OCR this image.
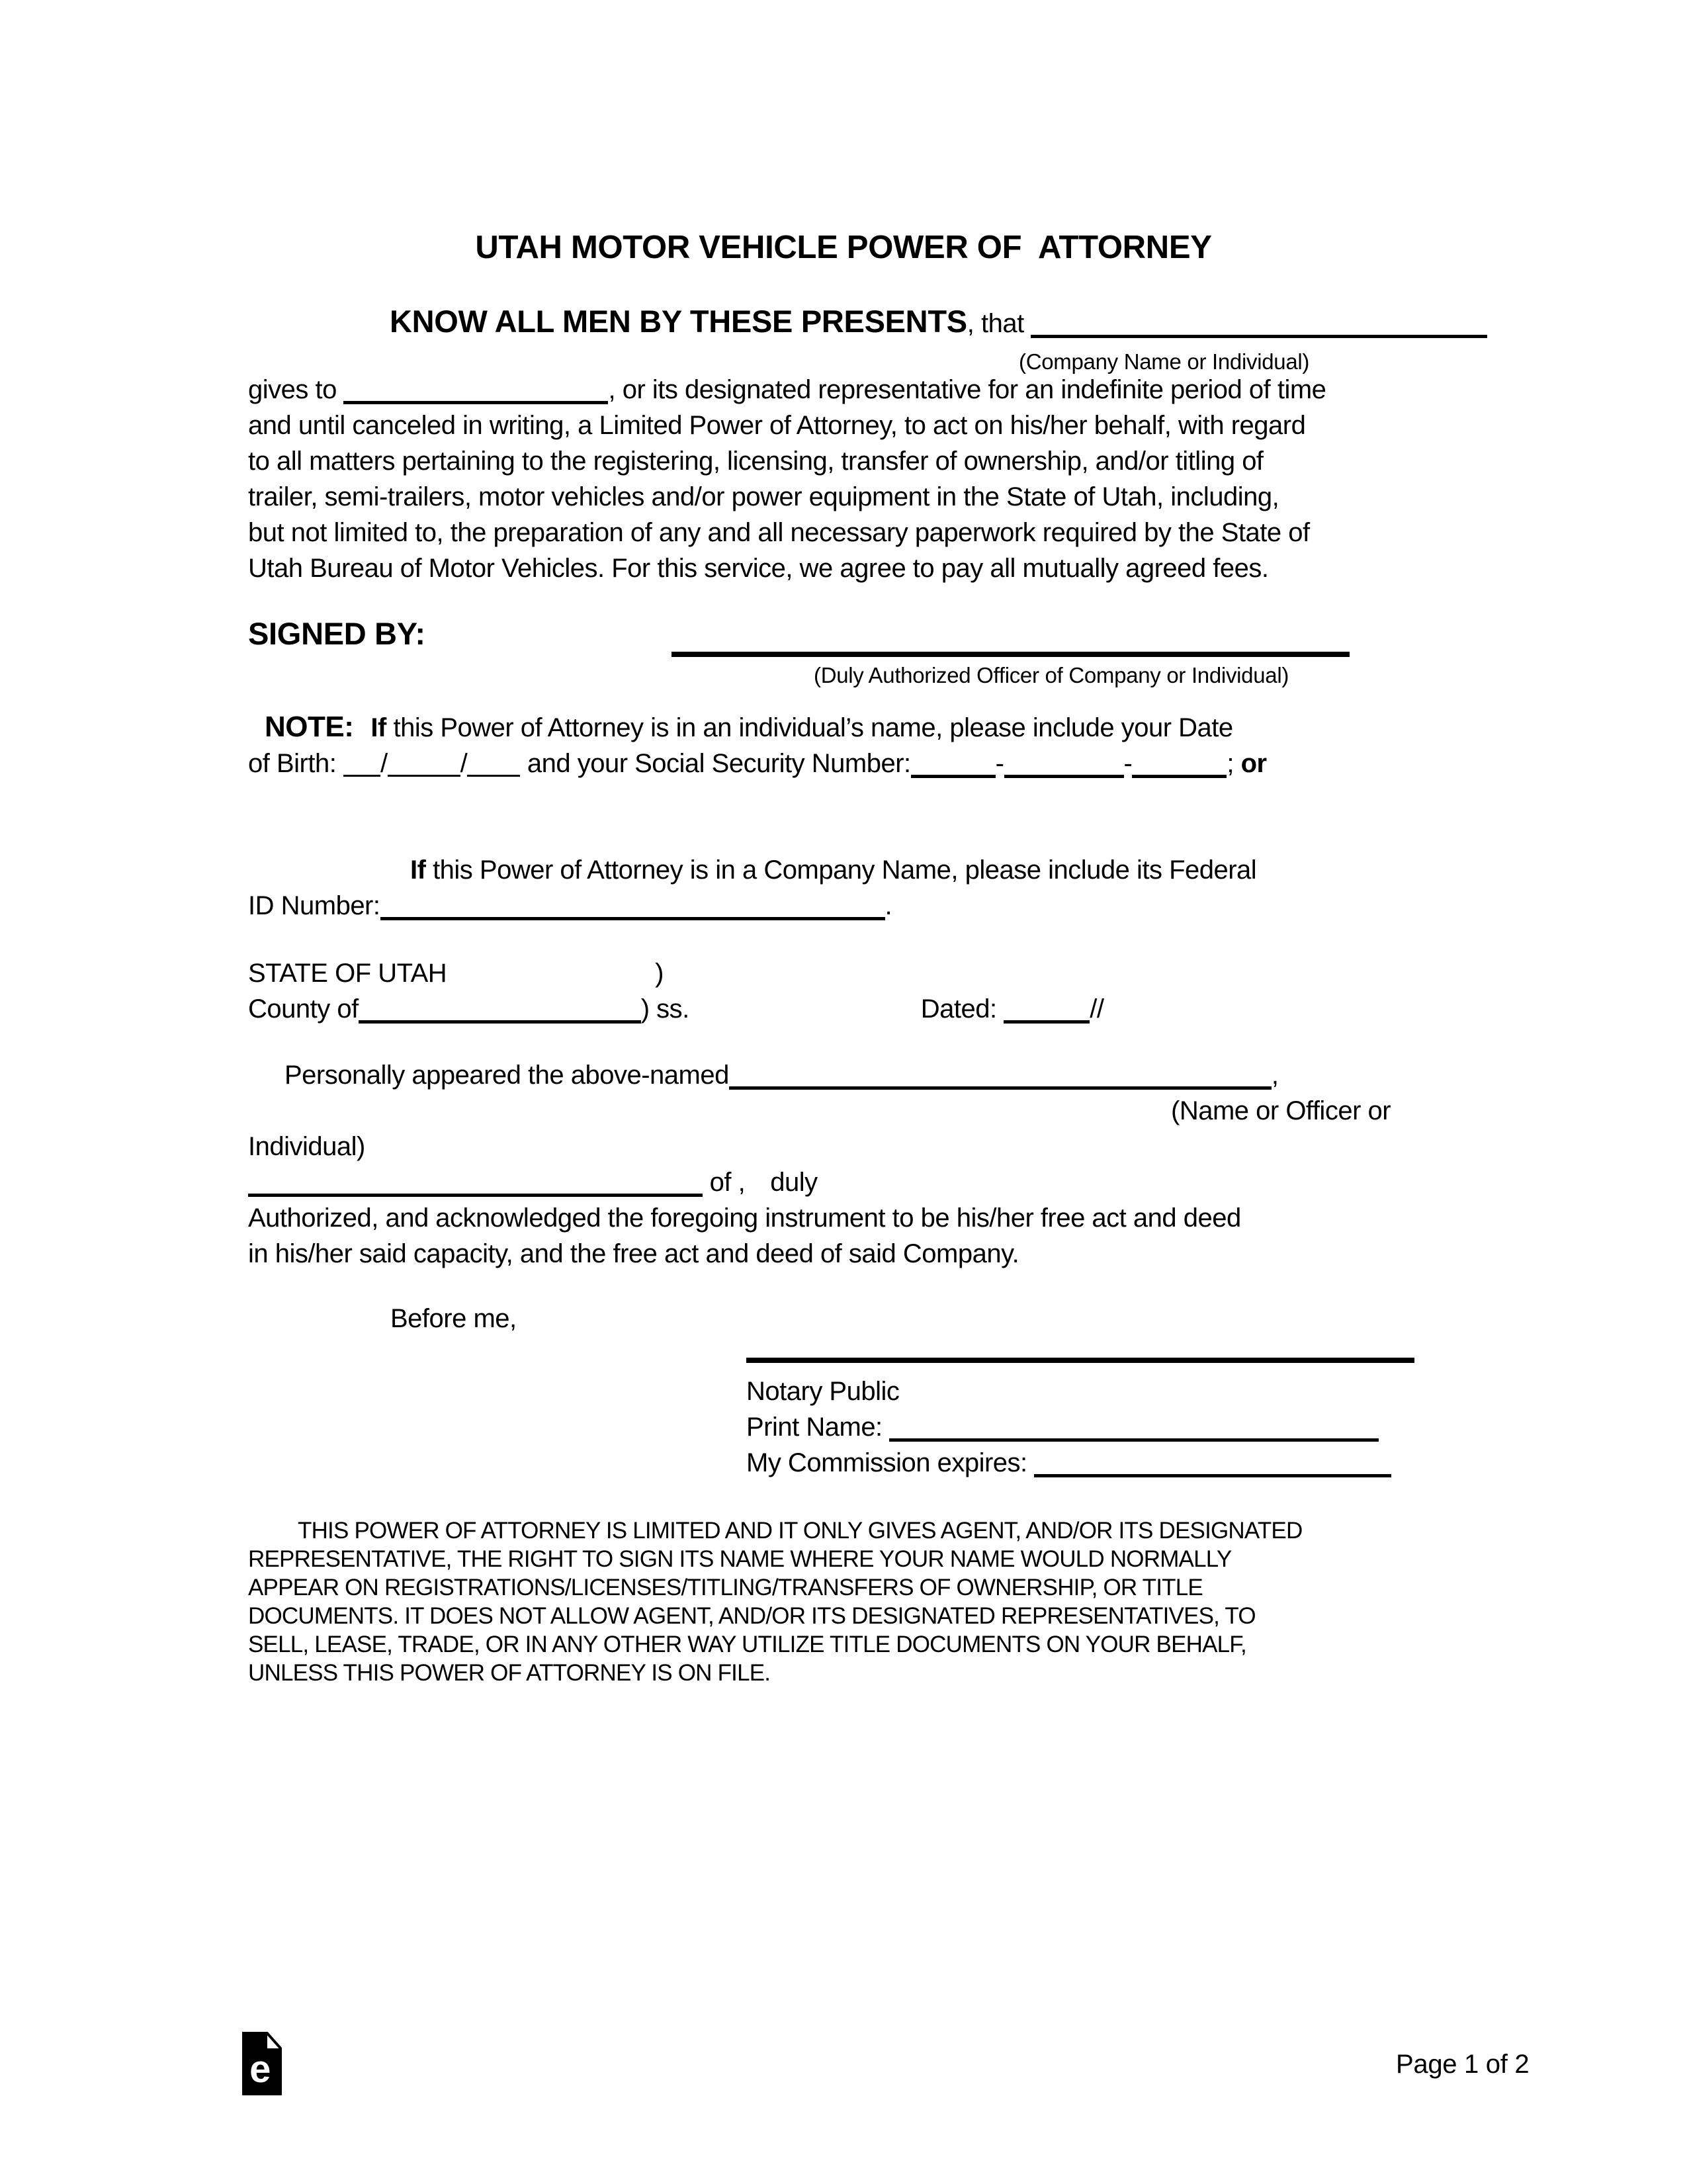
UTAH MOTOR VEHICLE POWER OF  ATTORNEY
KNOW ALL MEN BY THESE PRESENTS, that
(Company Name or Individual)
gives to	, or its designated representative for an indefinite period of time
and until canceled in writing, a Limited Power of Attorney, to act on his/her behalf, with regard
to all matters pertaining to the registering, licensing, transfer of ownership, and/or titling of
trailer, semi-trailers, motor vehicles and/or power equipment in the State of Utah, including,
but not limited to, the preparation of any and all necessary paperwork required by the State of
Utah Bureau of Motor Vehicles. For this service, we agree to pay all mutually agreed fees.
SIGNED BY:
(Duly Authorized Officer of Company or Individual)
NOTE: If this Power of Attorney is in an individual’s name, please include your Date
of Birth: /	/ and your Social Security Number:	-	-	; or
If this Power of Attorney is in a Company Name, please include its Federal
ID Number:	.
STATE OF UTAH	)
County of	) ss.	Dated:	//
Personally appeared the above-named	,
(Name or Officer or
Individual)
of , duly
Authorized, and acknowledged the foregoing instrument to be his/her free act and deed
in his/her said capacity, and the free act and deed of said Company.
Before me,
Notary Public
Print Name:
My Commission expires:
THIS POWER OF ATTORNEY IS LIMITED AND IT ONLY GIVES AGENT, AND/OR ITS DESIGNATED
REPRESENTATIVE, THE RIGHT TO SIGN ITS NAME WHERE YOUR NAME WOULD NORMALLY
APPEAR ON REGISTRATIONS/LICENSES/TITLING/TRANSFERS OF OWNERSHIP, OR TITLE
DOCUMENTS. IT DOES NOT ALLOW AGENT, AND/OR ITS DESIGNATED REPRESENTATIVES, TO
SELL, LEASE, TRADE, OR IN ANY OTHER WAY UTILIZE TITLE DOCUMENTS ON YOUR BEHALF,
UNLESS THIS POWER OF ATTORNEY IS ON FILE.
e	Page 1 of 2
